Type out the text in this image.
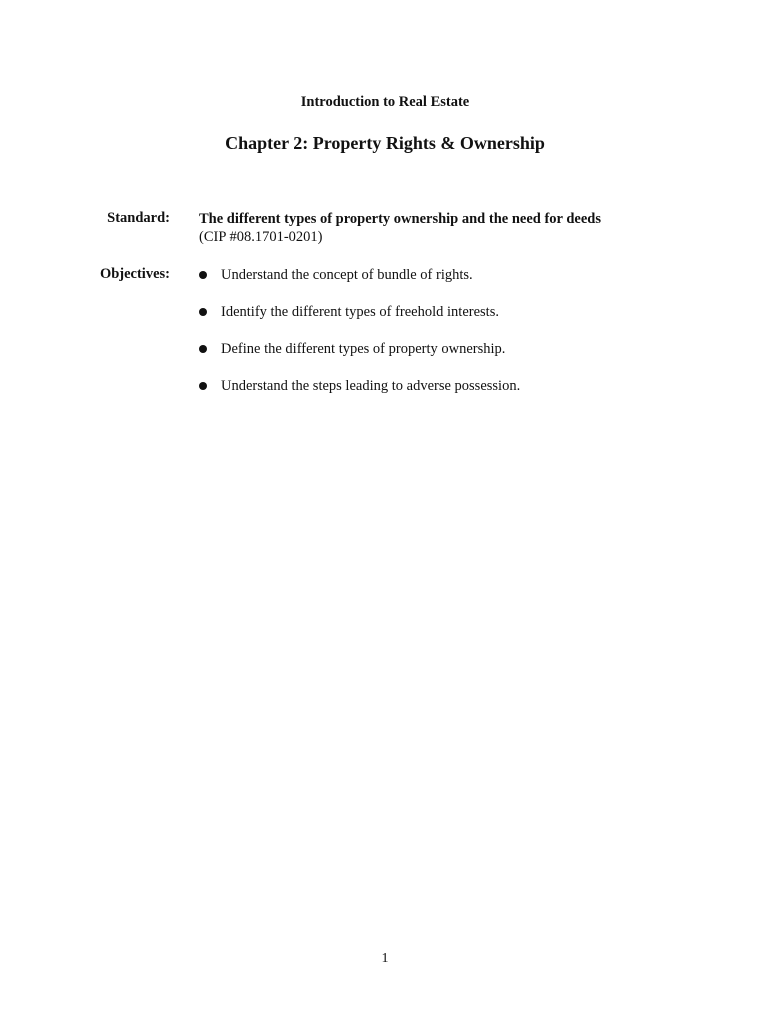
Introduction to Real Estate
Chapter 2: Property Rights & Ownership
Standard: The different types of property ownership and the need for deeds
(CIP #08.1701-0201)
Objectives:	Understand the concept of bundle of rights.
Identify the different types of freehold interests.
Define the different types of property ownership.
Understand the steps leading to adverse possession.
1
